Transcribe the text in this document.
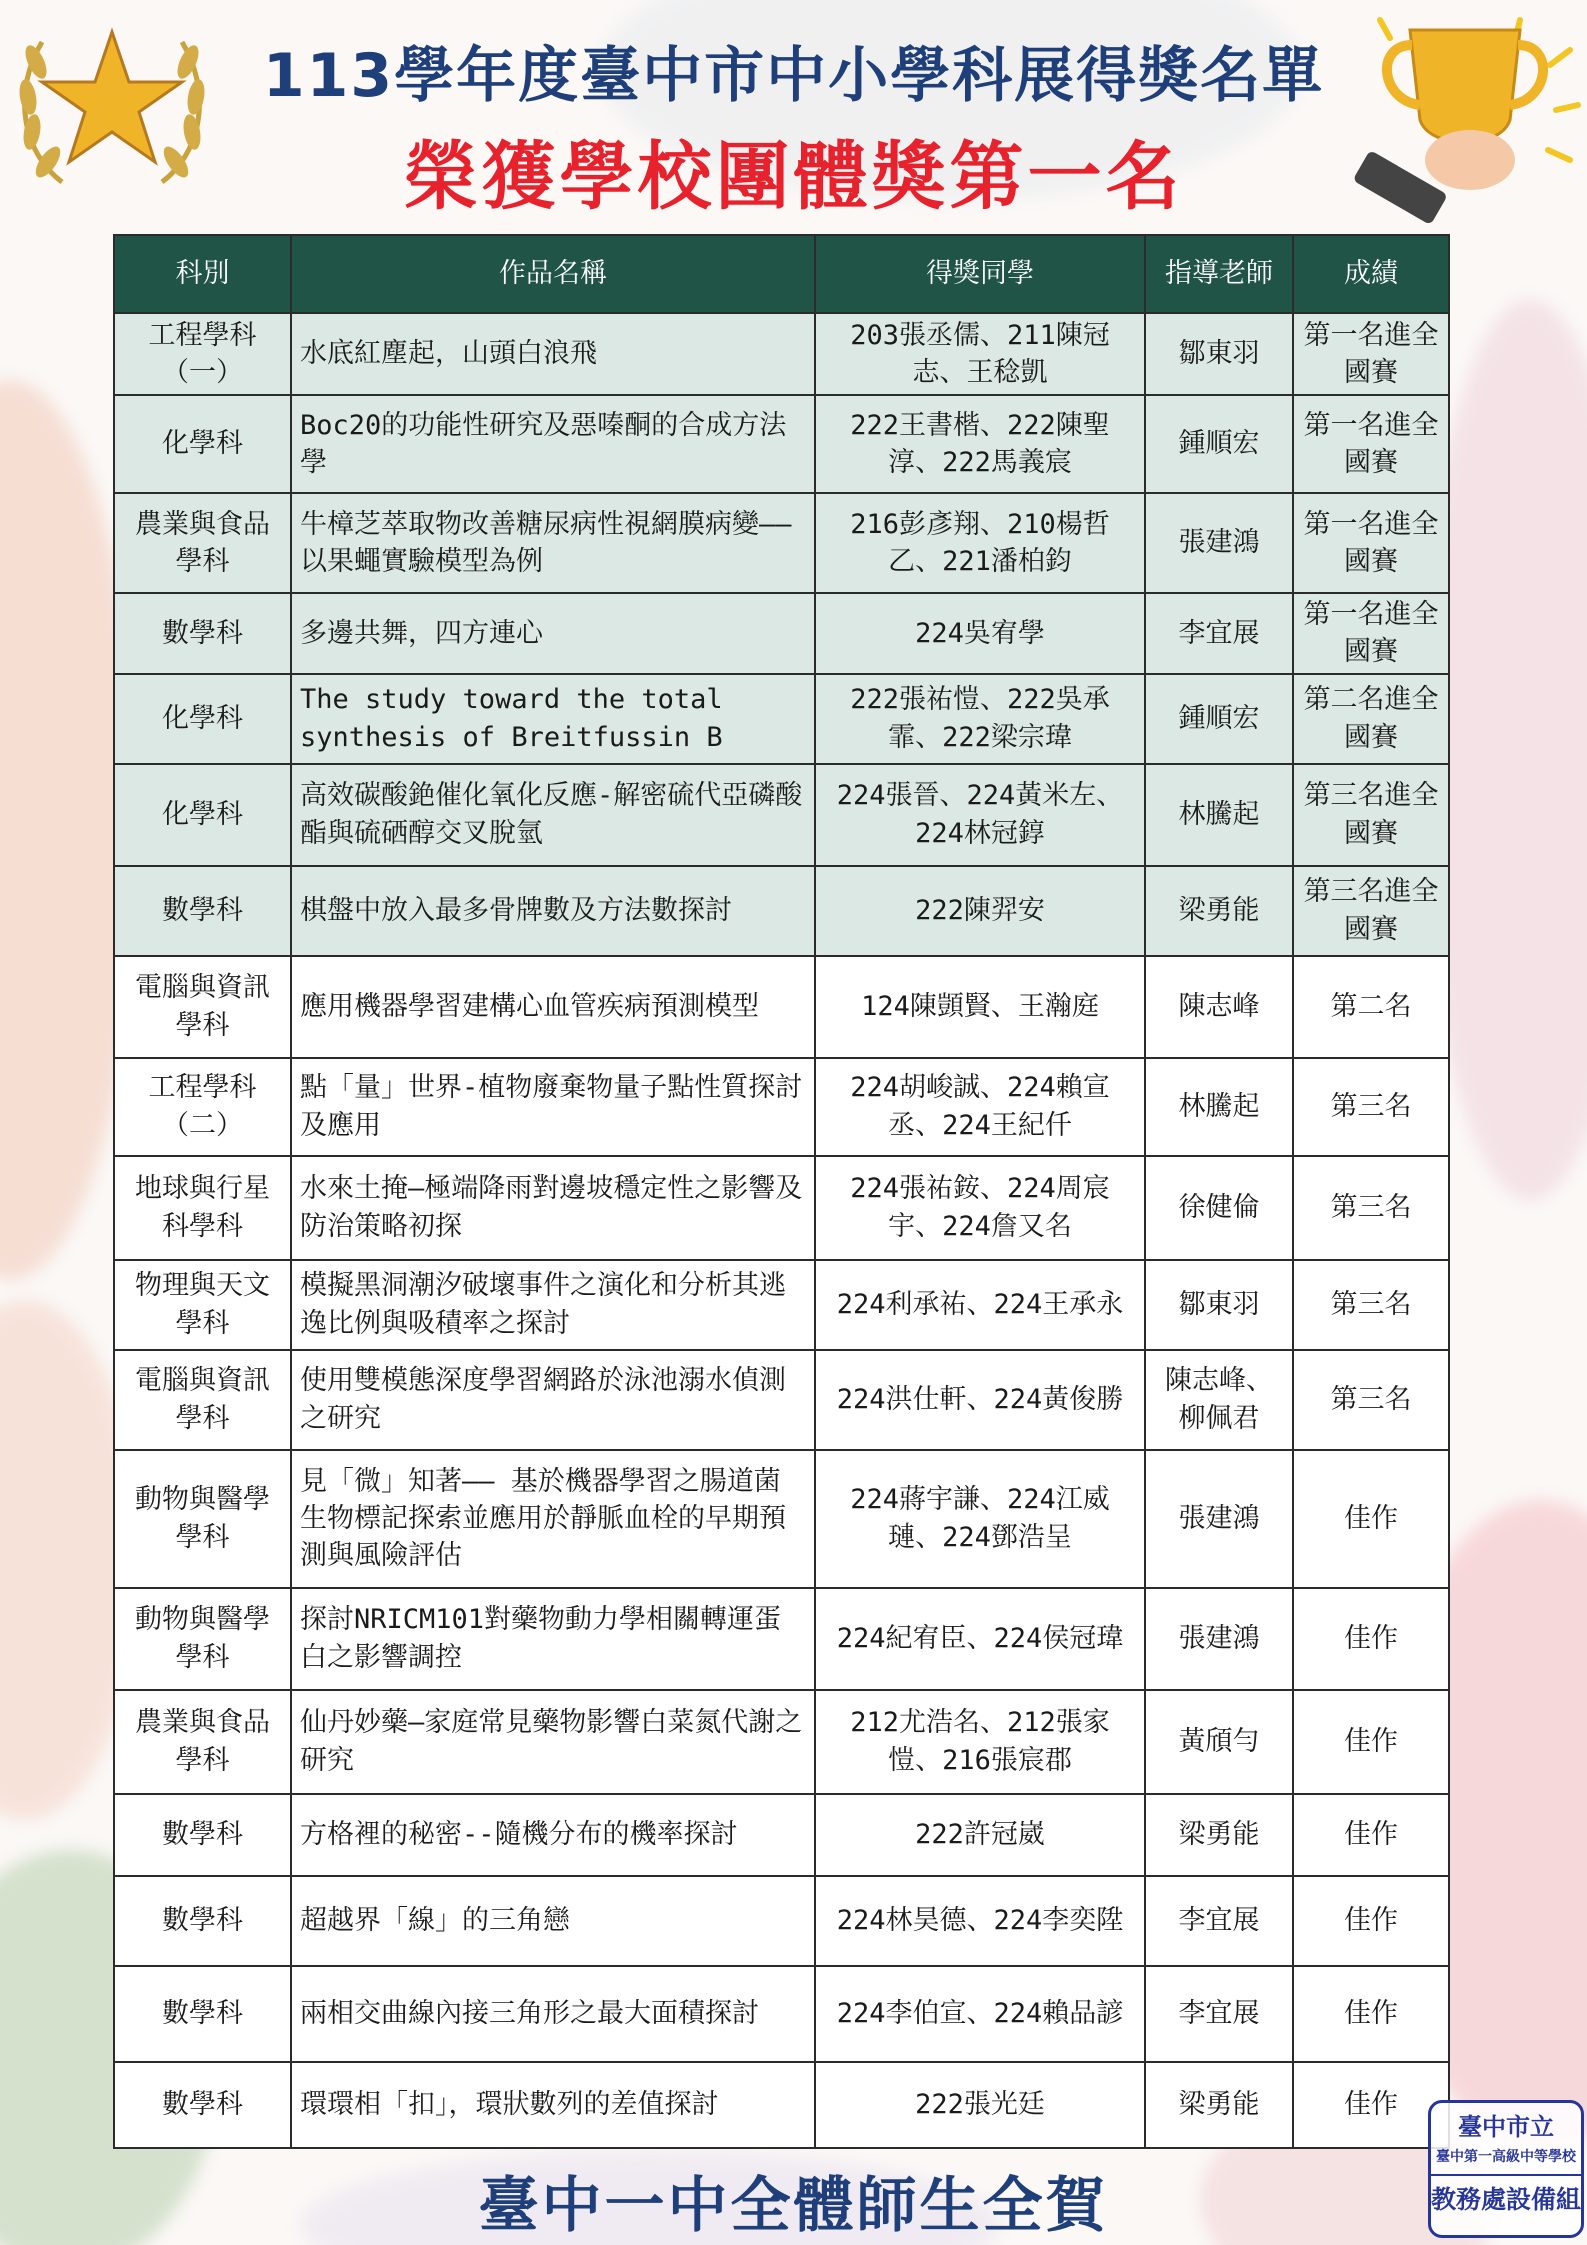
113學年度臺中市中小學科展得獎名單
榮獲學校團體獎第一名
科別	作品名稱	得獎同學	指導老師	成績
工程學科（一）	水底紅塵起，山頭白浪飛	203張丞儒、211陳冠志、王稔凱	鄒東羽	第一名進全國賽
化學科	Boc20的功能性研究及惡嗪酮的合成方法學	222王書楷、222陳聖淳、222馬義宸	鍾順宏	第一名進全國賽
農業與食品學科	牛樟芝萃取物改善糖尿病性視網膜病變——以果蠅實驗模型為例	216彭彥翔、210楊哲乙、221潘柏鈞	張建鴻	第一名進全國賽
數學科	多邊共舞，四方連心	224吳宥學	李宜展	第一名進全國賽
化學科	The study toward the total synthesis of Breitfussin B	222張祐愷、222吳承霏、222梁宗瑋	鍾順宏	第二名進全國賽
化學科	高效碳酸銫催化氧化反應-解密硫代亞磷酸酯與硫硒醇交叉脫氫	224張晉、224黃米左、224林冠錞	林騰起	第三名進全國賽
數學科	棋盤中放入最多骨牌數及方法數探討	222陳羿安	梁勇能	第三名進全國賽
電腦與資訊學科	應用機器學習建構心血管疾病預測模型	124陳顗賢、王瀚庭	陳志峰	第二名
工程學科（二）	點「量」世界-植物廢棄物量子點性質探討及應用	224胡峻誠、224賴宣丞、224王紀仟	林騰起	第三名
地球與行星科學科	水來土掩—極端降雨對邊坡穩定性之影響及防治策略初探	224張祐銨、224周宸宇、224詹又名	徐健倫	第三名
物理與天文學科	模擬黑洞潮汐破壞事件之演化和分析其逃逸比例與吸積率之探討	224利承祐、224王承永	鄒東羽	第三名
電腦與資訊學科	使用雙模態深度學習網路於泳池溺水偵測之研究	224洪仕軒、224黃俊勝	陳志峰、柳佩君	第三名
動物與醫學學科	見「微」知著—— 基於機器學習之腸道菌生物標記探索並應用於靜脈血栓的早期預測與風險評估	224蔣宇謙、224江威璉、224鄧浩呈	張建鴻	佳作
動物與醫學學科	探討NRICM101對藥物動力學相關轉運蛋白之影響調控	224紀宥臣、224侯冠瑋	張建鴻	佳作
農業與食品學科	仙丹妙藥—家庭常見藥物影響白菜氮代謝之研究	212尤浩名、212張家愷、216張宸郡	黃頎勻	佳作
數學科	方格裡的秘密--隨機分布的機率探討	222許冠崴	梁勇能	佳作
數學科	超越界「線」的三角戀	224林昊德、224李奕陞	李宜展	佳作
數學科	兩相交曲線內接三角形之最大面積探討	224李伯宣、224賴品諺	李宜展	佳作
數學科	環環相「扣」，環狀數列的差值探討	222張光廷	梁勇能	佳作
臺中一中全體師生全賀
臺中市立
臺中第一高級中等學校
教務處設備組
